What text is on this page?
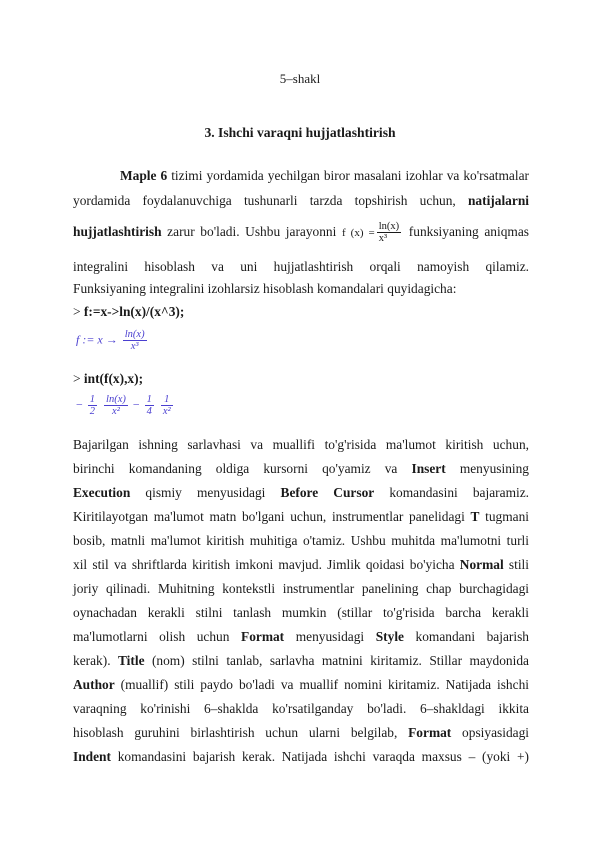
5–shakl
3. Ishchi varaqni hujjatlashtirish
Maple 6 tizimi yordamida yechilgan biror masalani izohlar va ko'rsatmalar
yordamida foydalanuvchiga tushunarli tarzda topshirish uchun, natijalarni
hujjatlashtirish zarur bo'ladi. Ushbu jarayonni f $(x) = \frac{\ln(x)}{\text{x³}}$ funksiyaning aniqmas
integralini hisoblash va uni hujjatlashtirish orqali namoyish qilamiz.
Funksiyaning integralini izohlarsiz hisoblash komandalari quyidagicha:
> f:=x->ln(x)/(x^3);
f := $x \to \frac{\ln(x)}{\text{x³}}$
> int(f(x),x);
− $\frac{1}{2}$
$\frac{\ln(x)}{\text{x²}} - \frac{1}{4}$
$\frac{1}{\text{x²}}$
Bajarilgan ishning sarlavhasi va muallifi to'g'risida ma'lumot kiritish uchun,
birinchi komandaning oldiga kursorni qo'yamiz va Insert menyusining
Execution qismiy menyusidagi Before Cursor komandasini bajaramiz.
Kiritilayotgan ma'lumot matn bo'lgani uchun, instrumentlar panelidagi T tugmani
bosib, matnli ma'lumot kiritish muhitiga o'tamiz. Ushbu muhitda ma'lumotni turli
xil stil va shriftlarda kiritish imkoni mavjud. Jimlik qoidasi bo'yicha Normal stili
joriy qilinadi. Muhitning kontekstli instrumentlar panelining chap burchagidagi
oynachadan kerakli stilni tanlash mumkin (stillar to'g'risida barcha kerakli
ma'lumotlarni olish uchun Format menyusidagi Style komandani bajarish
kerak). Title (nom) stilni tanlab, sarlavha matnini kiritamiz. Stillar maydonida
Author (muallif) stili paydo bo'ladi va muallif nomini kiritamiz. Natijada ishchi
varaqning ko'rinishi 6–shaklda ko'rsatilganday bo'ladi. 6–shakldagi ikkita
hisoblash guruhini birlashtirish uchun ularni belgilab, Format opsiyasidagi
Indent komandasini bajarish kerak. Natijada ishchi varaqda maxsus – (yoki +)
